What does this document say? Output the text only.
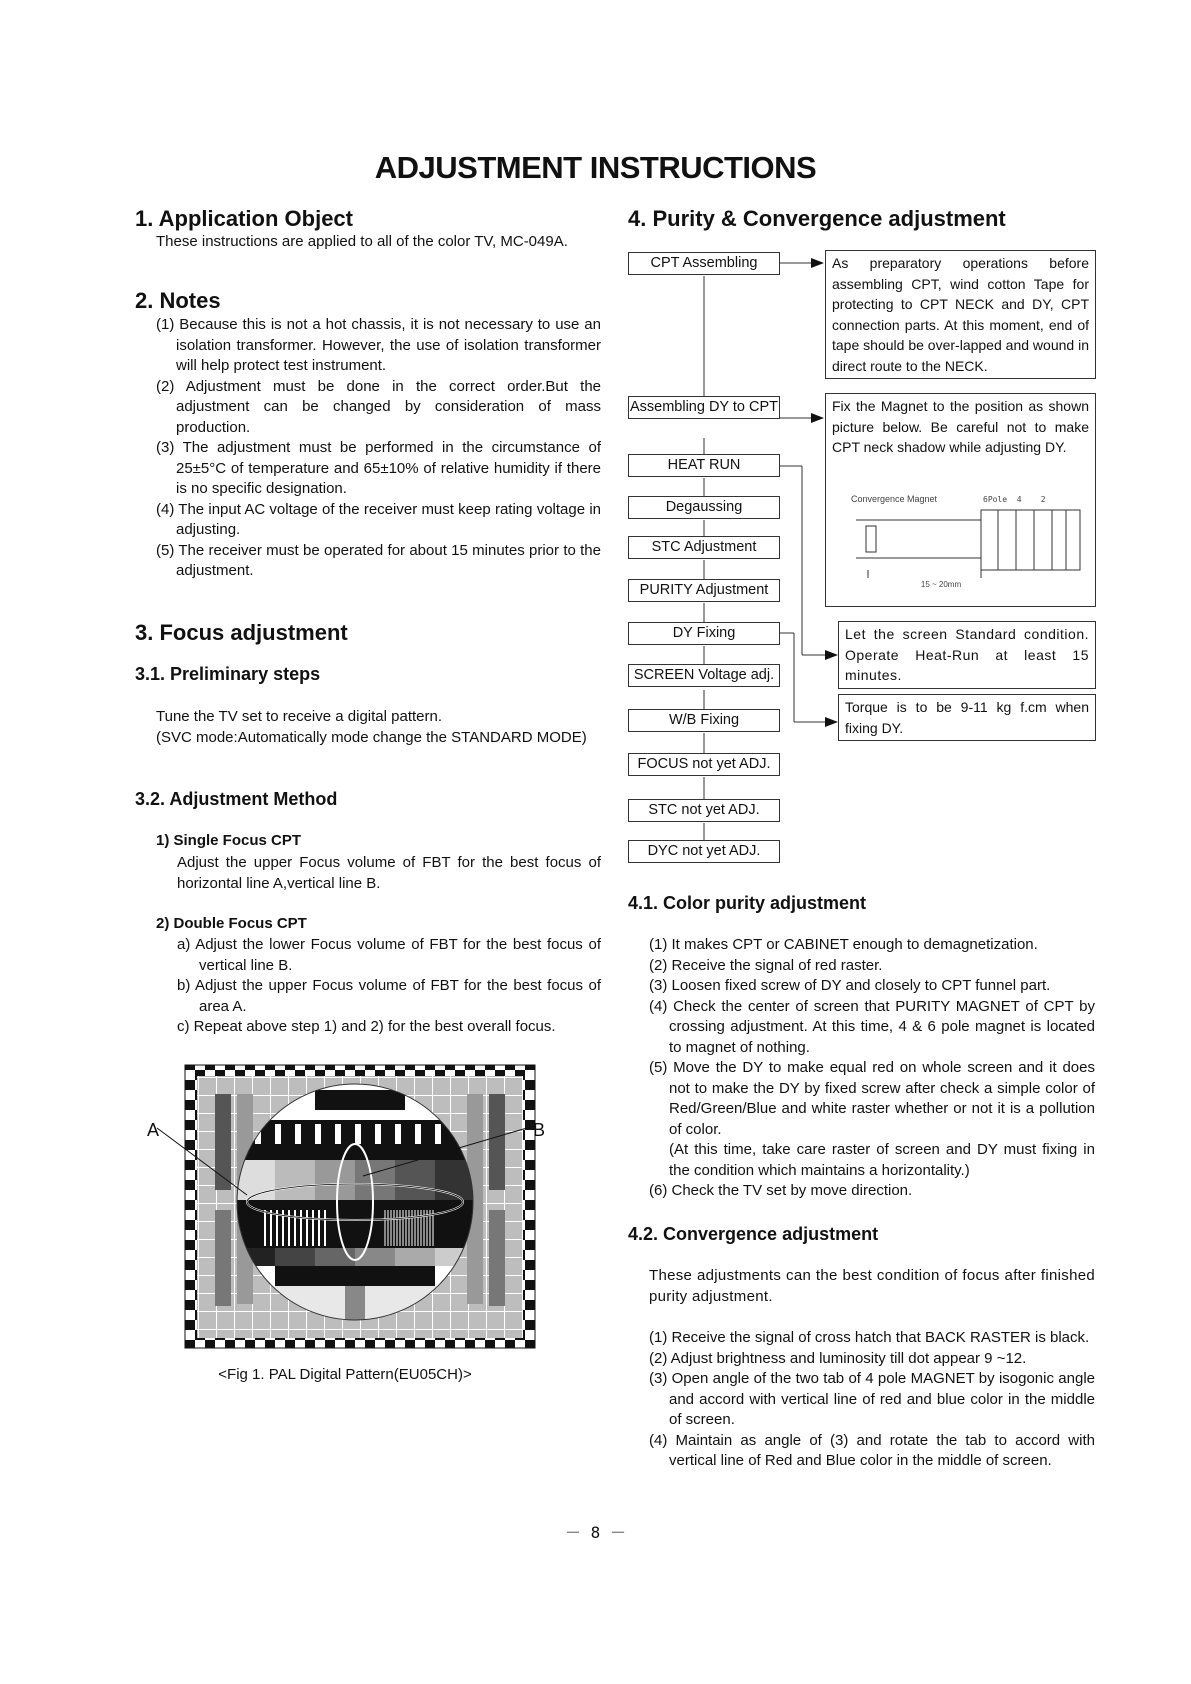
ADJUSTMENT INSTRUCTIONS
1. Application Object
These instructions are applied to all of the color TV, MC-049A.
2. Notes
(1) Because this is not a hot chassis, it is not necessary to use an isolation transformer. However, the use of isolation transformer will help protect test instrument.
(2) Adjustment must be done in the correct order.But the adjustment can be changed by consideration of mass production.
(3) The adjustment must be performed in the circumstance of 25±5°C of temperature and 65±10% of relative humidity if there is no specific designation.
(4) The input AC voltage of the receiver must keep rating voltage in adjusting.
(5) The receiver must be operated for about 15 minutes prior to the adjustment.
3. Focus adjustment
3.1. Preliminary steps
Tune the TV set to receive a digital pattern.
(SVC mode:Automatically mode change the STANDARD MODE)
3.2. Adjustment Method
1) Single Focus CPT
Adjust the upper Focus volume of FBT for the best focus of horizontal line A,vertical line B.
2) Double Focus CPT
a) Adjust the lower Focus volume of FBT for the best focus of vertical line B.
b) Adjust the upper Focus volume of FBT for the best focus of area A.
c) Repeat above step 1) and 2) for the best overall focus.
A	B
<Fig 1. PAL Digital Pattern(EU05CH)>
4. Purity & Convergence adjustment
CPT Assembling
Assembling DY to CPT
HEAT RUN
Degaussing
STC Adjustment
PURITY Adjustment
DY Fixing
SCREEN Voltage adj.
W/B Fixing
FOCUS not yet ADJ.
STC not yet ADJ.
DYC not yet ADJ.
As preparatory operations before assembling CPT, wind cotton Tape for protecting to CPT NECK and DY, CPT connection parts. At this moment, end of tape should be over-lapped and wound in direct route to the NECK.
Fix the Magnet to the position as shown picture below. Be careful not to make CPT neck shadow while adjusting DY.
Convergence Magnet	6Pole  4    2
15 ~ 20mm
Let the screen Standard condition. Operate Heat-Run at least 15 minutes.
Torque is to be 9-11 kg f.cm when fixing DY.
4.1. Color purity adjustment
(1) It makes CPT or CABINET enough to demagnetization.
(2) Receive the signal of red raster.
(3) Loosen fixed screw of DY and closely to CPT funnel part.
(4) Check the center of screen that PURITY MAGNET of CPT by crossing adjustment. At this time, 4 & 6 pole magnet is located to magnet of nothing.
(5) Move the DY to make equal red on whole screen and it does not to make the DY by fixed screw after check a simple color of Red/Green/Blue and white raster whether or not it is a pollution of color.
(At this time, take care raster of screen and DY must fixing in the condition which maintains a horizontality.)
(6) Check the TV set by move direction.
4.2. Convergence adjustment
These adjustments can the best condition of focus after finished purity adjustment.
(1) Receive the signal of cross hatch that BACK RASTER is black.
(2) Adjust brightness and luminosity till dot appear 9 ~12.
(3) Open angle of the two tab of 4 pole MAGNET by isogonic angle and accord with vertical line of red and blue color in the middle of screen.
(4) Maintain as angle of (3) and rotate the tab to accord with vertical line of Red and Blue color in the middle of screen.
－ 8 －
